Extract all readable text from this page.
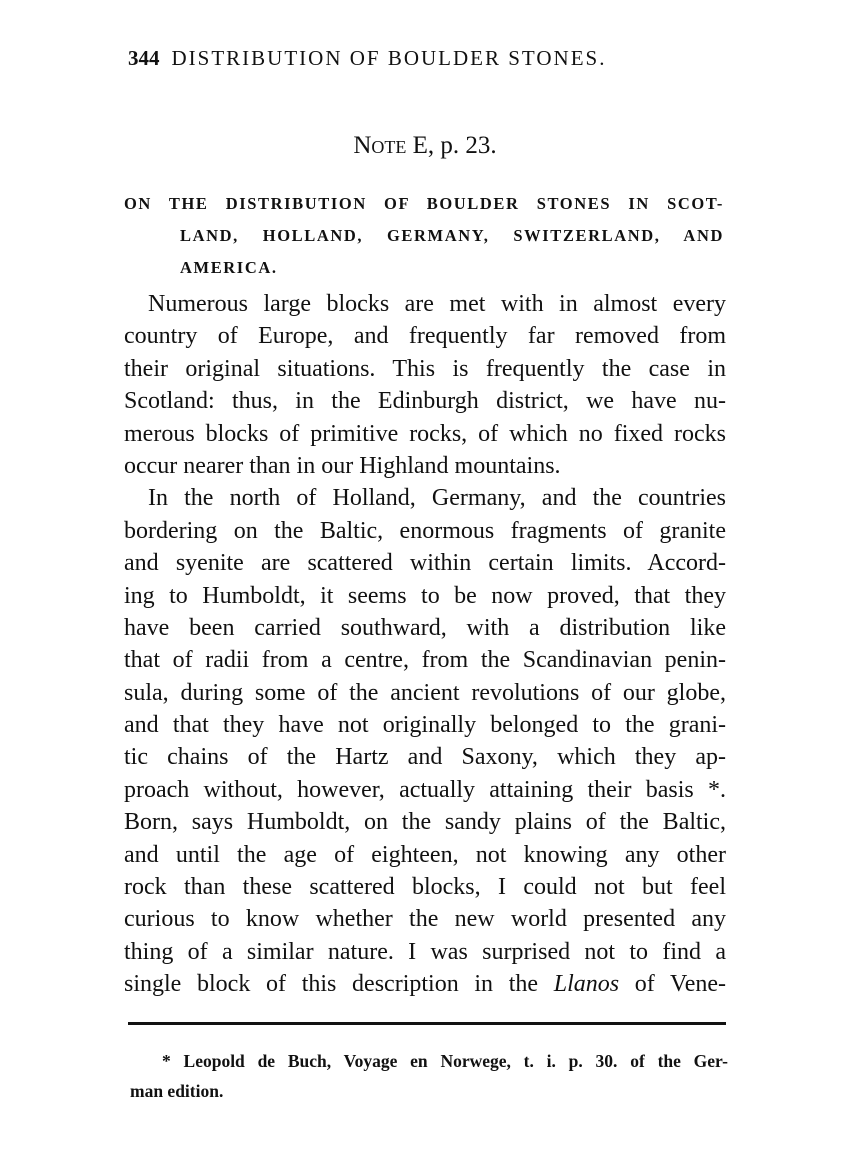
344 DISTRIBUTION OF BOULDER STONES.
Note E, p. 23.
ON THE DISTRIBUTION OF BOULDER STONES IN SCOT-
LAND, HOLLAND, GERMANY, SWITZERLAND, AND
AMERICA.
Numerous large blocks are met with in almost every
country of Europe, and frequently far removed from
their original situations. This is frequently the case in
Scotland: thus, in the Edinburgh district, we have nu-
merous blocks of primitive rocks, of which no fixed rocks
occur nearer than in our Highland mountains.
In the north of Holland, Germany, and the countries
bordering on the Baltic, enormous fragments of granite
and syenite are scattered within certain limits. Accord-
ing to Humboldt, it seems to be now proved, that they
have been carried southward, with a distribution like
that of radii from a centre, from the Scandinavian penin-
sula, during some of the ancient revolutions of our globe,
and that they have not originally belonged to the grani-
tic chains of the Hartz and Saxony, which they ap-
proach without, however, actually attaining their basis *.
Born, says Humboldt, on the sandy plains of the Baltic,
and until the age of eighteen, not knowing any other
rock than these scattered blocks, I could not but feel
curious to know whether the new world presented any
thing of a similar nature. I was surprised not to find a
single block of this description in the Llanos of Vene-
* Leopold de Buch, Voyage en Norwege, t. i. p. 30. of the Ger-
man edition.
